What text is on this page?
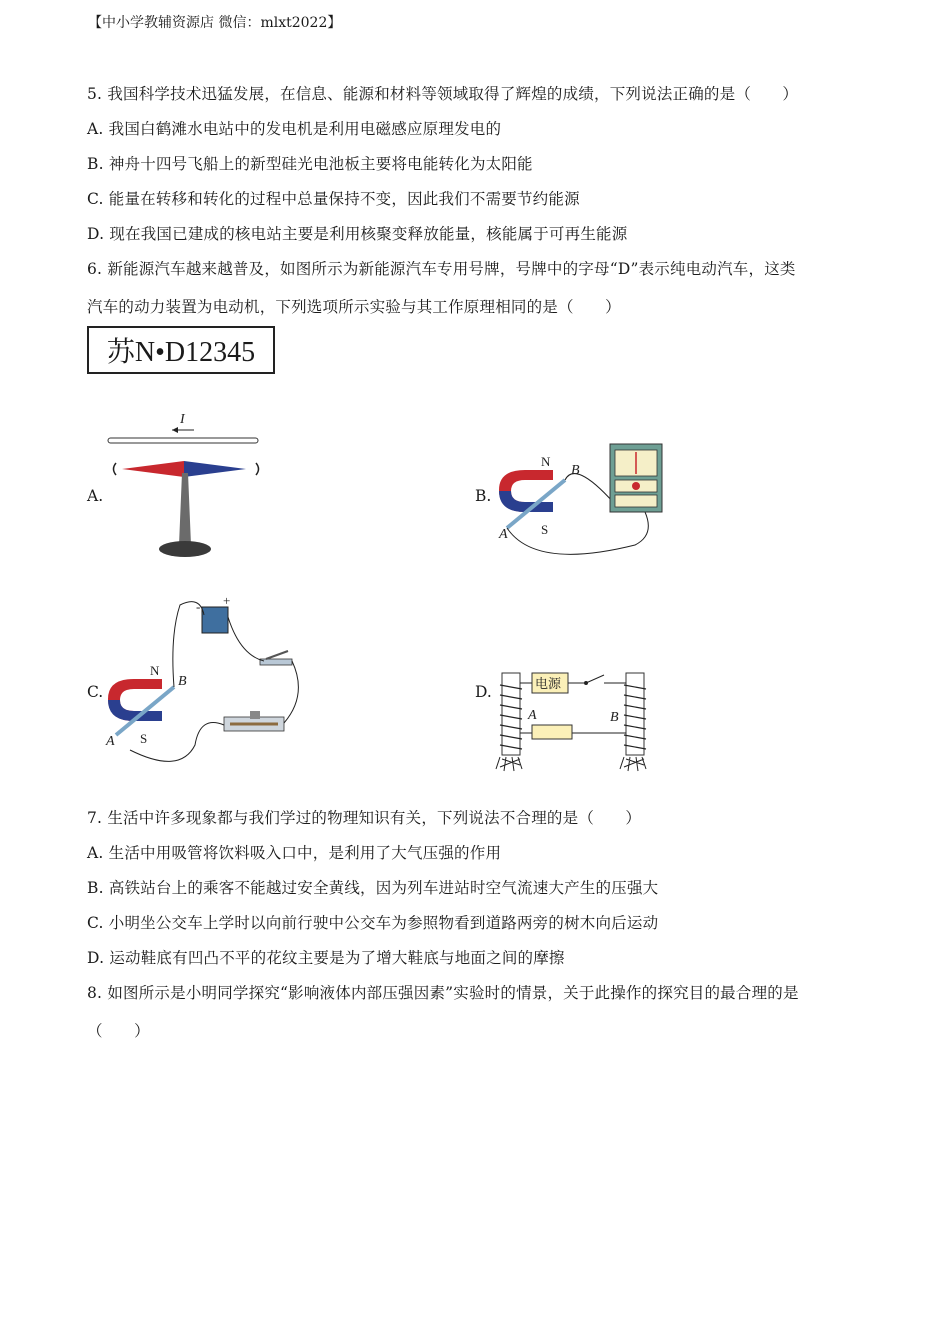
【中小学教辅资源店 微信：mlxt2022】
5. 我国科学技术迅猛发展，在信息、能源和材料等领域取得了辉煌的成绩，下列说法正确的是（　　）
A. 我国白鹤滩水电站中的发电机是利用电磁感应原理发电的
B. 神舟十四号飞船上的新型硅光电池板主要将电能转化为太阳能
C. 能量在转移和转化的过程中总量保持不变，因此我们不需要节约能源
D. 现在我国已建成的核电站主要是利用核聚变释放能量，核能属于可再生能源
6. 新能源汽车越来越普及，如图所示为新能源汽车专用号牌，号牌中的字母“D”表示纯电动汽车，这类
汽车的动力装置为电动机，下列选项所示实验与其工作原理相同的是（　　）
苏N•D12345
A.	B.
C.	D.
I
N
S
A
B
N
S
A
B
- +
电源
A	B
7. 生活中许多现象都与我们学过的物理知识有关，下列说法不合理的是（　　）
A. 生活中用吸管将饮料吸入口中，是利用了大气压强的作用
B. 高铁站台上的乘客不能越过安全黄线，因为列车进站时空气流速大产生的压强大
C. 小明坐公交车上学时以向前行驶中公交车为参照物看到道路两旁的树木向后运动
D. 运动鞋底有凹凸不平的花纹主要是为了增大鞋底与地面之间的摩擦
8. 如图所示是小明同学探究“影响液体内部压强因素”实验时的情景，关于此操作的探究目的最合理的是
（　　）
